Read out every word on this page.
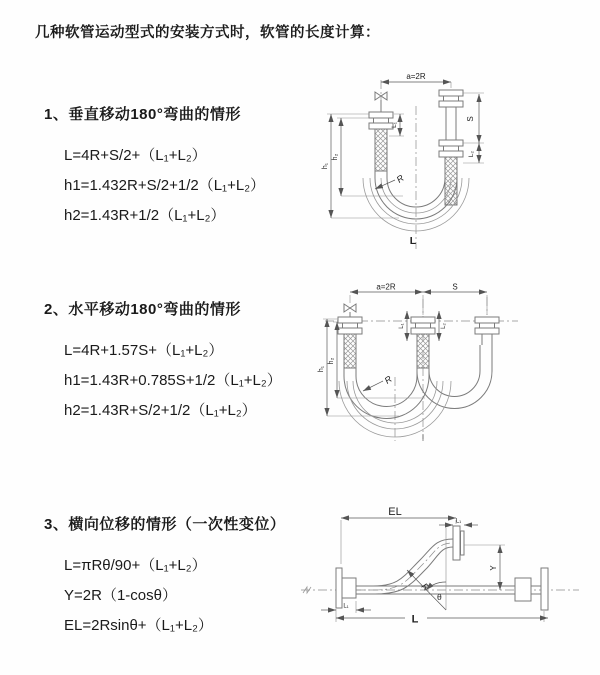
几种软管运动型式的安装方式时，软管的长度计算：
1、垂直移动180°弯曲的情形
L=4R+S/2+（L₁+L₂）
h1=1.432R+S/2+1/2（L₁+L₂）
h2=1.43R+1/2（L₁+L₂）
2、水平移动180°弯曲的情形
L=4R+1.57S+（L₁+L₂）
h1=1.43R+0.785S+1/2（L₁+L₂）
h2=1.43R+S/2+1/2（L₁+L₂）
3、横向位移的情形（一次性变位）
L=πRθ/90+（L₁+L₂）
Y=2R（1-cosθ）
EL=2Rsinθ+（L₁+L₂）
a=2R
S
L₂
L₁
h₁
h₂
R
L
a=2R	S
L₁	L₂
h₁
h₂
R
EL
L₁
Y
R
θ
L₁
L
